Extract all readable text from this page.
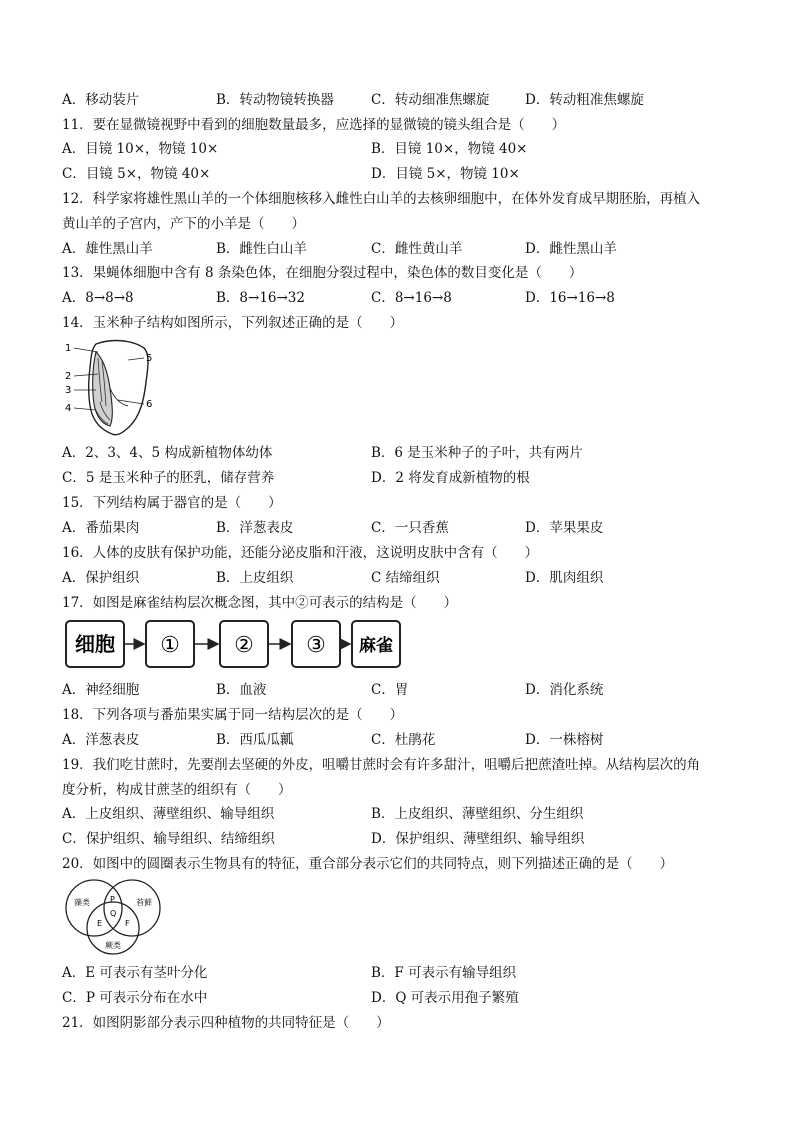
A．移动装片	B．转动物镜转换器	C．转动细准焦螺旋	D．转动粗准焦螺旋
11．要在显微镜视野中看到的细胞数量最多，应选择的显微镜的镜头组合是（　　）
A．目镜 10×，物镜 10×	B．目镜 10×，物镜 40×
C．目镜 5×，物镜 40×	D．目镜 5×，物镜 10×
12．科学家将雄性黑山羊的一个体细胞核移入雌性白山羊的去核卵细胞中，在体外发育成早期胚胎，再植入
黄山羊的子宫内，产下的小羊是（　　）
A．雄性黑山羊	B．雌性白山羊	C．雌性黄山羊	D．雌性黑山羊
13．果蝇体细胞中含有 8 条染色体，在细胞分裂过程中，染色体的数目变化是（　　）
A．8→8→8	B．8→16→32	C．8→16→8	D．16→16→8
14．玉米种子结构如图所示，下列叙述正确的是（　　）
1
2
3
4
5
6
A．2、3、4、5 构成新植物体幼体	B．6 是玉米种子的子叶，共有两片
C．5 是玉米种子的胚乳，储存营养	D．2 将发育成新植物的根
15．下列结构属于器官的是（　　）
A．番茄果肉	B．洋葱表皮	C．一只香蕉	D．苹果果皮
16．人体的皮肤有保护功能，还能分泌皮脂和汗液，这说明皮肤中含有（　　）
A．保护组织	B．上皮组织	C 结缔组织	D．肌肉组织
17．如图是麻雀结构层次概念图，其中②可表示的结构是（　　）
细胞 ① ② ③ 麻雀
A．神经细胞	B．血液	C．胃	D．消化系统
18．下列各项与番茄果实属于同一结构层次的是（　　）
A．洋葱表皮	B．西瓜瓜瓤	C．杜鹃花	D．一株榕树
19．我们吃甘蔗时，先要削去坚硬的外皮，咀嚼甘蔗时会有许多甜汁，咀嚼后把蔗渣吐掉。从结构层次的角
度分析，构成甘蔗茎的组织有（　　）
A．上皮组织、薄壁组织、输导组织	B．上皮组织、薄壁组织、分生组织
C．保护组织、输导组织、结缔组织	D．保护组织、薄壁组织、输导组织
20．如图中的圆圈表示生物具有的特征，重合部分表示它们的共同特点，则下列描述正确的是（　　）
藻类	苔藓
蕨类
P
Q
E	F
A．E 可表示有茎叶分化	B．F 可表示有输导组织
C．P 可表示分布在水中	D．Q 可表示用孢子繁殖
21．如图阴影部分表示四种植物的共同特征是（　　）
